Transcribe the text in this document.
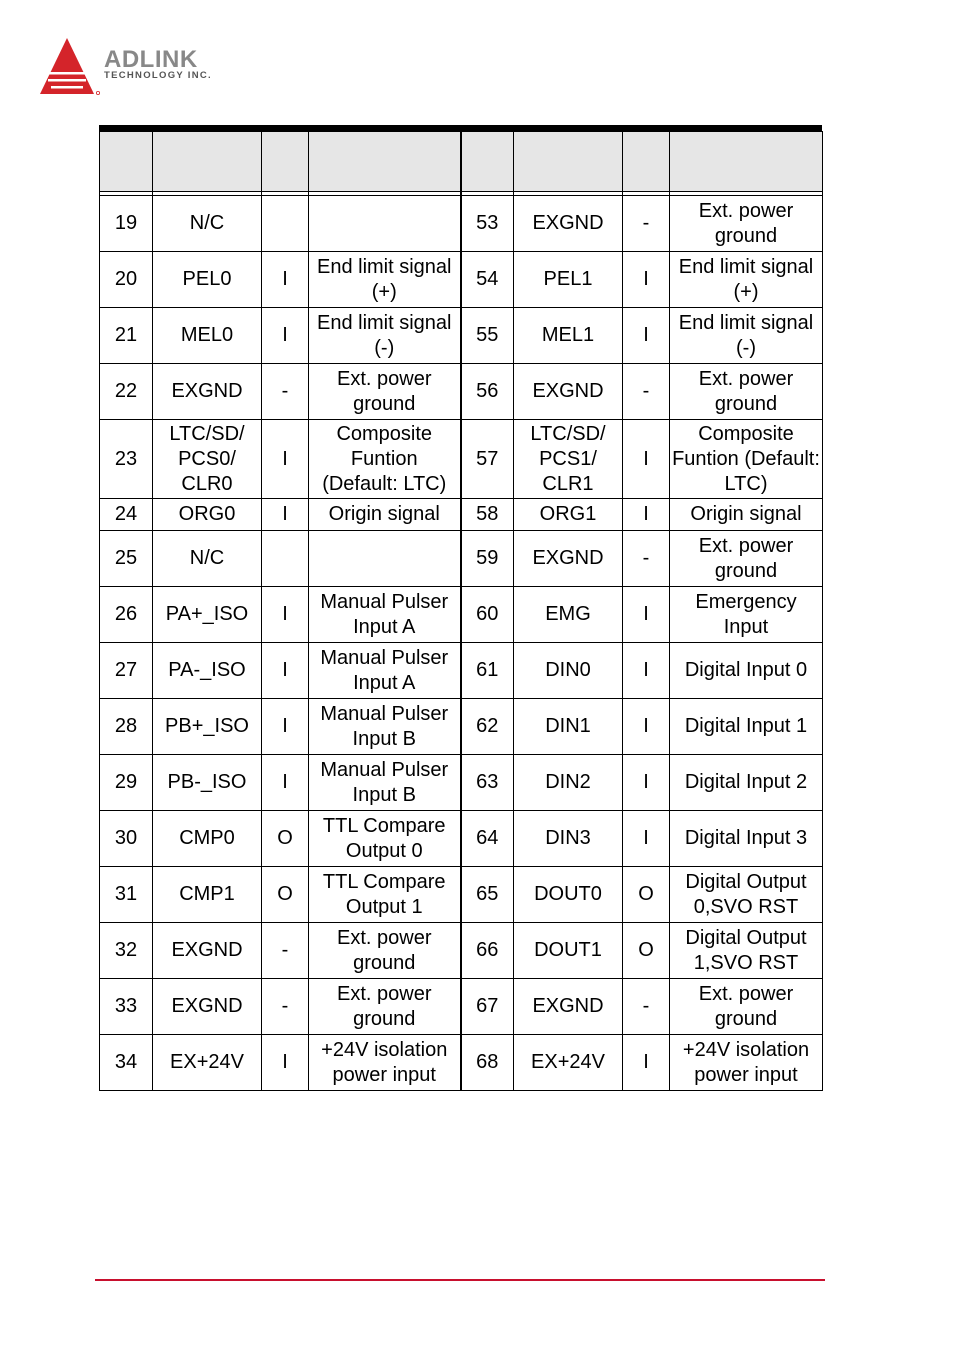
ADLINK
TECHNOLOGY INC.

19	N/C			53	EXGND	-	Ext. power ground
20	PEL0	I	End limit signal (+)	54	PEL1	I	End limit signal (+)
21	MEL0	I	End limit signal (-)	55	MEL1	I	End limit signal (-)
22	EXGND	-	Ext. power ground	56	EXGND	-	Ext. power ground
23	LTC/SD/ PCS0/ CLR0	I	Composite Funtion (Default: LTC)	57	LTC/SD/ PCS1/ CLR1	I	Composite Funtion (Default: LTC)
24	ORG0	I	Origin signal	58	ORG1	I	Origin signal
25	N/C			59	EXGND	-	Ext. power ground
26	PA+_ISO	I	Manual Pulser Input A	60	EMG	I	Emergency Input
27	PA-_ISO	I	Manual Pulser Input A	61	DIN0	I	Digital Input 0
28	PB+_ISO	I	Manual Pulser Input B	62	DIN1	I	Digital Input 1
29	PB-_ISO	I	Manual Pulser Input B	63	DIN2	I	Digital Input 2
30	CMP0	O	TTL Compare Output 0	64	DIN3	I	Digital Input 3
31	CMP1	O	TTL Compare Output 1	65	DOUT0	O	Digital Output 0,SVO RST
32	EXGND	-	Ext. power ground	66	DOUT1	O	Digital Output 1,SVO RST
33	EXGND	-	Ext. power ground	67	EXGND	-	Ext. power ground
34	EX+24V	I	+24V isolation power input	68	EX+24V	I	+24V isolation power input
